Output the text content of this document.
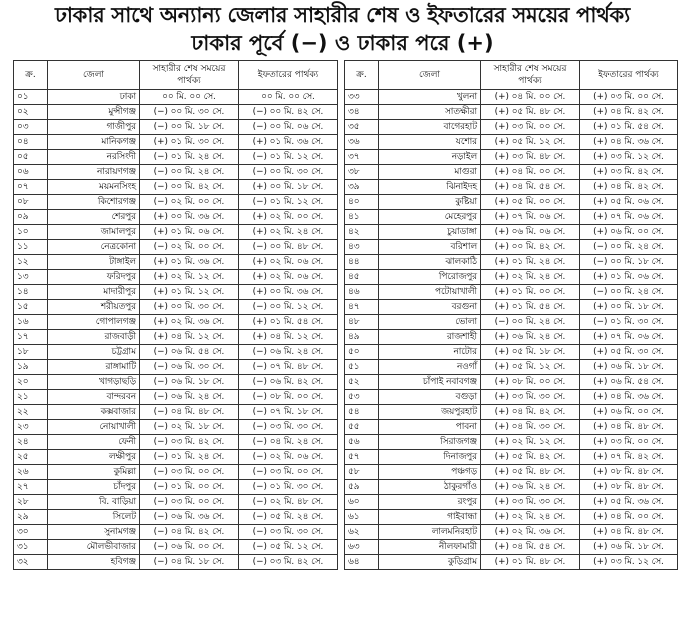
ঢাকার সাথে অন্যান্য জেলার সাহারীর শেষ ও ইফতারের সময়ের পার্থক্য
ঢাকার পূর্বে (−) ও ঢাকার পরে (+)
ক্র.	জেলা	সাহারীর শেষ সময়ের পার্থক্য	ইফতারের পার্থক্য
০১	ঢাকা	০০ মি. ০০ সে.	০০ মি. ০০ সে.
০২	মুন্সীগঞ্জ	(−) ০০ মি. ৩০ সে.	(−) ০০ মি. ৪২ সে.
০৩	গাজীপুর	(−) ০০ মি. ১৮ সে.	(−) ০০ মি. ০৬ সে.
০৪	মানিকগঞ্জ	(+) ০১ মি. ৩০ সে.	(+) ০১ মি. ৩৬ সে.
০৫	নরসিংদী	(−) ০১ মি. ২৪ সে.	(−) ০১ মি. ১২ সে.
০৬	নারায়ণগঞ্জ	(−) ০০ মি. ২৪ সে.	(−) ০০ মি. ৩০ সে.
০৭	ময়মনসিংহ	(−) ০০ মি. ৪২ সে.	(+) ০০ মি. ১৮ সে.
০৮	কিশোরগঞ্জ	(−) ০২ মি. ০০ সে.	(−) ০১ মি. ১২ সে.
০৯	শেরপুর	(+) ০০ মি. ৩৬ সে.	(+) ০২ মি. ০০ সে.
১০	জামালপুর	(+) ০১ মি. ০৬ সে.	(+) ০২ মি. ২৪ সে.
১১	নেত্রকোনা	(−) ০২ মি. ০০ সে.	(−) ০০ মি. ৪৮ সে.
১২	টাঙ্গাইল	(+) ০১ মি. ৩৬ সে.	(+) ০২ মি. ০৬ সে.
১৩	ফরিদপুর	(+) ০২ মি. ১২ সে.	(+) ০২ মি. ০৬ সে.
১৪	মাদারীপুর	(+) ০১ মি. ১২ সে.	(+) ০০ মি. ৩৬ সে.
১৫	শরীয়তপুর	(+) ০০ মি. ৩০ সে.	(−) ০০ মি. ১২ সে.
১৬	গোপালগঞ্জ	(+) ০২ মি. ৩৬ সে.	(+) ০১ মি. ৫৪ সে.
১৭	রাজবাড়ী	(+) ০৪ মি. ১২ সে.	(+) ০৪ মি. ১২ সে.
১৮	চট্টগ্রাম	(−) ০৬ মি. ৫৪ সে.	(−) ০৬ মি. ২৪ সে.
১৯	রাঙ্গামাটি	(−) ০৬ মি. ৩০ সে.	(−) ০৭ মি. ৪৮ সে.
২০	খাগড়াছড়ি	(−) ০৬ মি. ১৮ সে.	(−) ০৬ মি. ৪২ সে.
২১	বান্দরবন	(−) ০৬ মি. ২৪ সে.	(−) ০৮ মি. ০০ সে.
২২	কক্সবাজার	(−) ০৪ মি. ৪৮ সে.	(−) ০৭ মি. ১৮ সে.
২৩	নোয়াখালী	(−) ০২ মি. ১৮ সে.	(−) ০৩ মি. ৩০ সে.
২৪	ফেনী	(−) ০৩ মি. ৪২ সে.	(−) ০৪ মি. ২৪ সে.
২৫	লক্ষীপুর	(−) ০১ মি. ২৪ সে.	(−) ০২ মি. ০৬ সে.
২৬	কুমিল্লা	(−) ০৩ মি. ০০ সে.	(−) ০৩ মি. ০০ সে.
২৭	চাঁদপুর	(−) ০১ মি. ০০ সে.	(−) ০১ মি. ৩০ সে.
২৮	বি. বাড়িয়া	(−) ০৩ মি. ০০ সে.	(−) ০২ মি. ৪৮ সে.
২৯	সিলেট	(−) ০৬ মি. ৩৬ সে.	(−) ০৫ মি. ২৪ সে.
৩০	সুনামগঞ্জ	(−) ০৪ মি. ৪২ সে.	(−) ০৩ মি. ৩০ সে.
৩১	মৌলভীবাজার	(−) ০৬ মি. ০০ সে.	(−) ০৫ মি. ১২ সে.
৩২	হবিগঞ্জ	(−) ০৪ মি. ১৮ সে.	(−) ০৩ মি. ৪২ সে.
ক্র.	জেলা	সাহারীর শেষ সময়ের পার্থক্য	ইফতারের পার্থক্য
৩৩	খুলনা	(+) ০৪ মি. ০০ সে.	(+) ০৩ মি. ০০ সে.
৩৪	সাতক্ষীরা	(+) ০৫ মি. ৪৮ সে.	(+) ০৪ মি. ৪২ সে.
৩৫	বাগেরহাট	(+) ০৩ মি. ০০ সে.	(+) ০১ মি. ৫৪ সে.
৩৬	যশোর	(+) ০৫ মি. ১২ সে.	(+) ০৪ মি. ৩৬ সে.
৩৭	নড়াইল	(+) ০৩ মি. ৪৮ সে.	(+) ০৩ মি. ১২ সে.
৩৮	মাগুরা	(+) ০৪ মি. ০০ সে.	(+) ০৩ মি. ৪২ সে.
৩৯	ঝিনাইদহ	(+) ০৪ মি. ৫৪ সে.	(+) ০৪ মি. ৪২ সে.
৪০	কুষ্টিয়া	(+) ০৫ মি. ০০ সে.	(+) ০৫ মি. ০৬ সে.
৪১	মেহেরপুর	(+) ০৭ মি. ০৬ সে.	(+) ০৭ মি. ০৬ সে.
৪২	চুয়াডাঙ্গা	(+) ০৬ মি. ০৬ সে.	(+) ০৬ মি. ০০ সে.
৪৩	বরিশাল	(+) ০০ মি. ৪২ সে.	(−) ০০ মি. ২৪ সে.
৪৪	ঝালকাঠি	(+) ০১ মি. ২৪ সে.	(−) ০০ মি. ১৮ সে.
৪৫	পিরোজপুর	(+) ০২ মি. ২৪ সে.	(+) ০১ মি. ০৬ সে.
৪৬	পটোয়াখালী	(+) ০১ মি. ০০ সে.	(−) ০০ মি. ২৪ সে.
৪৭	বরগুনা	(+) ০১ মি. ৫৪ সে.	(+) ০০ মি. ১৮ সে.
৪৮	ভোলা	(−) ০০ মি. ২৪ সে.	(−) ০১ মি. ৩০ সে.
৪৯	রাজশাহী	(+) ০৬ মি. ২৪ সে.	(+) ০৭ মি. ০৬ সে.
৫০	নাটোর	(+) ০৫ মি. ১৮ সে.	(+) ০৫ মি. ৩০ সে.
৫১	নওগাঁ	(+) ০৫ মি. ১২ সে.	(+) ০৬ মি. ১৮ সে.
৫২	চাঁপাই নবাবগঞ্জ	(+) ০৮ মি. ০০ সে.	(+) ০৬ মি. ৫৪ সে.
৫৩	বগুড়া	(+) ০৩ মি. ৩০ সে.	(+) ০৪ মি. ৩৬ সে.
৫৪	জয়পুরহাট	(+) ০৪ মি. ৪২ সে.	(+) ০৬ মি. ০০ সে.
৫৫	পাবনা	(+) ০৪ মি. ৩০ সে.	(+) ০৪ মি. ৪৮ সে.
৫৬	সিরাজগঞ্জ	(+) ০২ মি. ১২ সে.	(+) ০৩ মি. ০০ সে.
৫৭	দিনাজপুর	(+) ০৫ মি. ৪২ সে.	(+) ০৭ মি. ৪২ সে.
৫৮	পঞ্চগড়	(+) ০৫ মি. ৪৮ সে.	(+) ০৮ মি. ৪৮ সে.
৫৯	ঠাকুরগাঁও	(+) ০৬ মি. ২৪ সে.	(+) ০৮ মি. ৪৮ সে.
৬০	রংপুর	(+) ০৩ মি. ৩০ সে.	(+) ০৫ মি. ৩৬ সে.
৬১	গাইবান্ধা	(+) ০২ মি. ২৪ সে.	(+) ০৪ মি. ০০ সে.
৬২	লালমনিরহাট	(+) ০২ মি. ৩৬ সে.	(+) ০৪ মি. ৪৮ সে.
৬৩	নীলফামারী	(+) ০৪ মি. ৫৪ সে.	(+) ০৬ মি. ১৮ সে.
৬৪	কুড়িগ্রাম	(+) ০১ মি. ৪৮ সে.	(+) ০৩ মি. ১২ সে.
